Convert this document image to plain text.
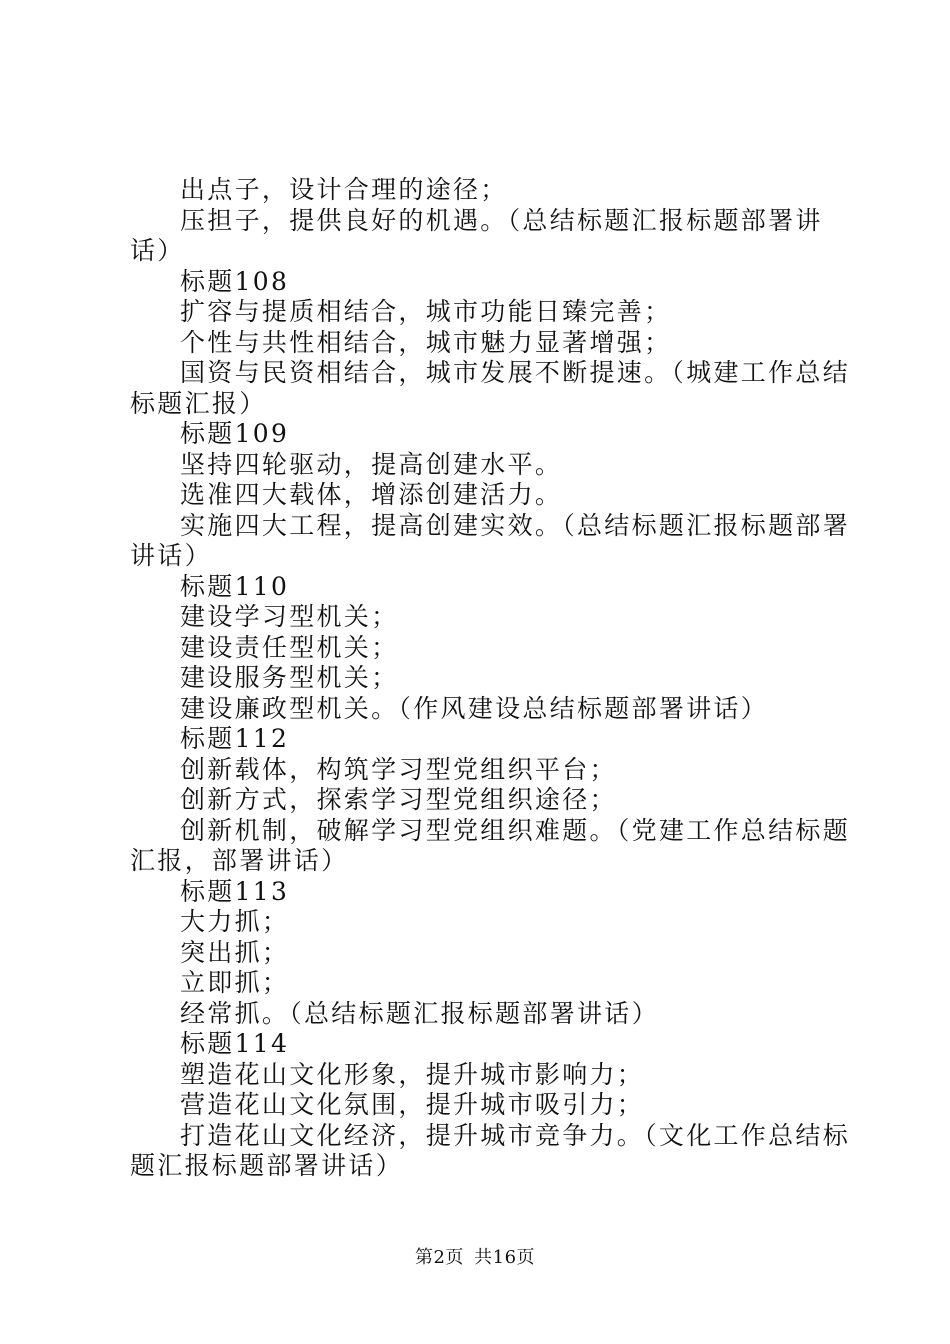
出点子，设计合理的途径；
压担子，提供良好的机遇。（总结标题汇报标题部署讲
话）
标题108
扩容与提质相结合，城市功能日臻完善；
个性与共性相结合，城市魅力显著增强；
国资与民资相结合，城市发展不断提速。（城建工作总结
标题汇报）
标题109
坚持四轮驱动，提高创建水平。
选准四大载体，增添创建活力。
实施四大工程，提高创建实效。（总结标题汇报标题部署
讲话）
标题110
建设学习型机关；
建设责任型机关；
建设服务型机关；
建设廉政型机关。（作风建设总结标题部署讲话）
标题112
创新载体，构筑学习型党组织平台；
创新方式，探索学习型党组织途径；
创新机制，破解学习型党组织难题。（党建工作总结标题
汇报，部署讲话）
标题113
大力抓；
突出抓；
立即抓；
经常抓。（总结标题汇报标题部署讲话）
标题114
塑造花山文化形象，提升城市影响力；
营造花山文化氛围，提升城市吸引力；
打造花山文化经济，提升城市竞争力。（文化工作总结标
题汇报标题部署讲话）
第2页 共16页
